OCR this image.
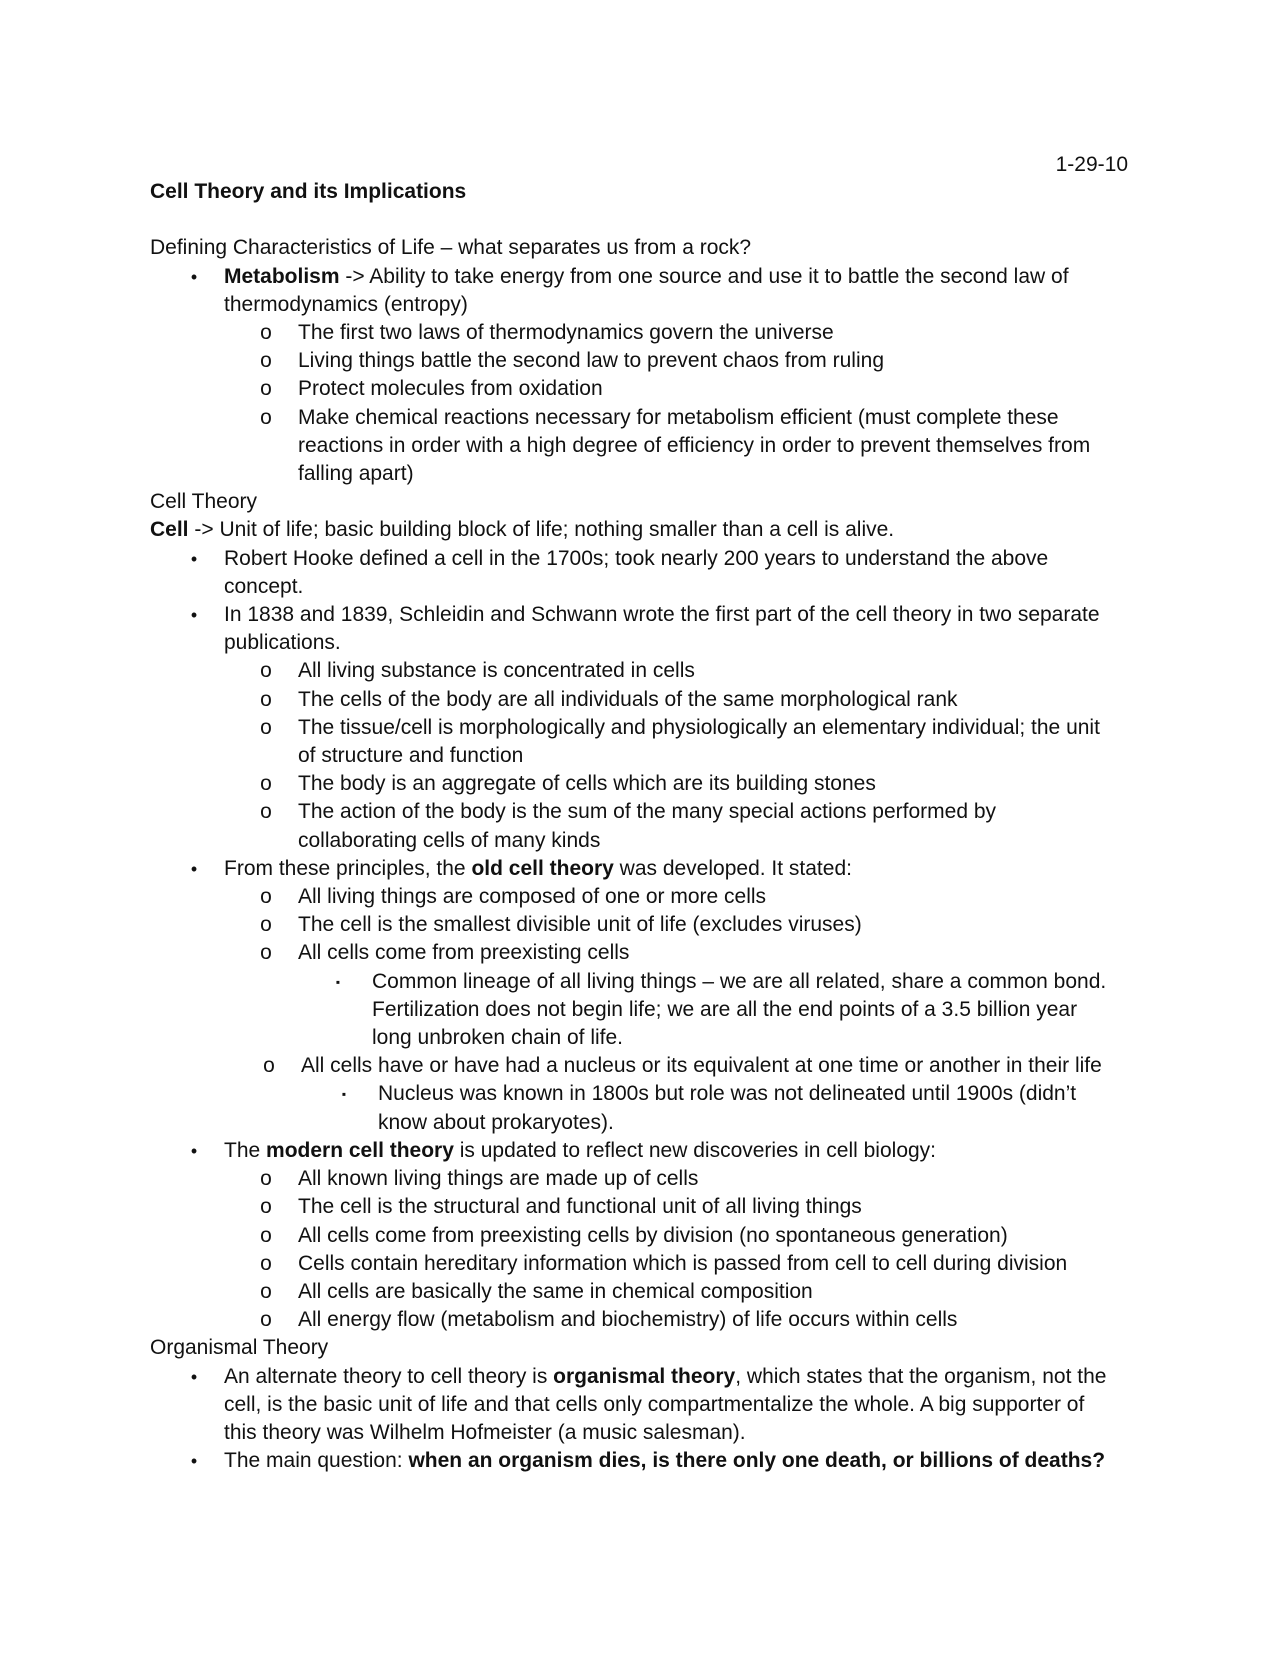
1-29-10

Cell Theory and its Implications

Defining Characteristics of Life – what separates us from a rock?

•	Metabolism -> Ability to take energy from one source and use it to battle the second law of thermodynamics (entropy)
o The first two laws of thermodynamics govern the universe
o Living things battle the second law to prevent chaos from ruling
o Protect molecules from oxidation
o Make chemical reactions necessary for metabolism efficient (must complete these reactions in order with a high degree of efficiency in order to prevent themselves from falling apart)

Cell Theory

Cell -> Unit of life; basic building block of life; nothing smaller than a cell is alive.

•	Robert Hooke defined a cell in the 1700s; took nearly 200 years to understand the above concept.
•	In 1838 and 1839, Schleidin and Schwann wrote the first part of the cell theory in two separate publications.
o All living substance is concentrated in cells
o The cells of the body are all individuals of the same morphological rank
o The tissue/cell is morphologically and physiologically an elementary individual; the unit of structure and function
o The body is an aggregate of cells which are its building stones
o The action of the body is the sum of the many special actions performed by collaborating cells of many kinds
•	From these principles, the old cell theory was developed. It stated:
o All living things are composed of one or more cells
o The cell is the smallest divisible unit of life (excludes viruses)
o All cells come from preexisting cells
▪	Common lineage of all living things – we are all related, share a common bond. Fertilization does not begin life; we are all the end points of a 3.5 billion year long unbroken chain of life.
o All cells have or have had a nucleus or its equivalent at one time or another in their life
▪	Nucleus was known in 1800s but role was not delineated until 1900s (didn’t know about prokaryotes).
•	The modern cell theory is updated to reflect new discoveries in cell biology:
o All known living things are made up of cells
o The cell is the structural and functional unit of all living things
o All cells come from preexisting cells by division (no spontaneous generation)
o Cells contain hereditary information which is passed from cell to cell during division
o All cells are basically the same in chemical composition
o All energy flow (metabolism and biochemistry) of life occurs within cells

Organismal Theory

•	An alternate theory to cell theory is organismal theory, which states that the organism, not the cell, is the basic unit of life and that cells only compartmentalize the whole. A big supporter of this theory was Wilhelm Hofmeister (a music salesman).
•	The main question: when an organism dies, is there only one death, or billions of deaths?
